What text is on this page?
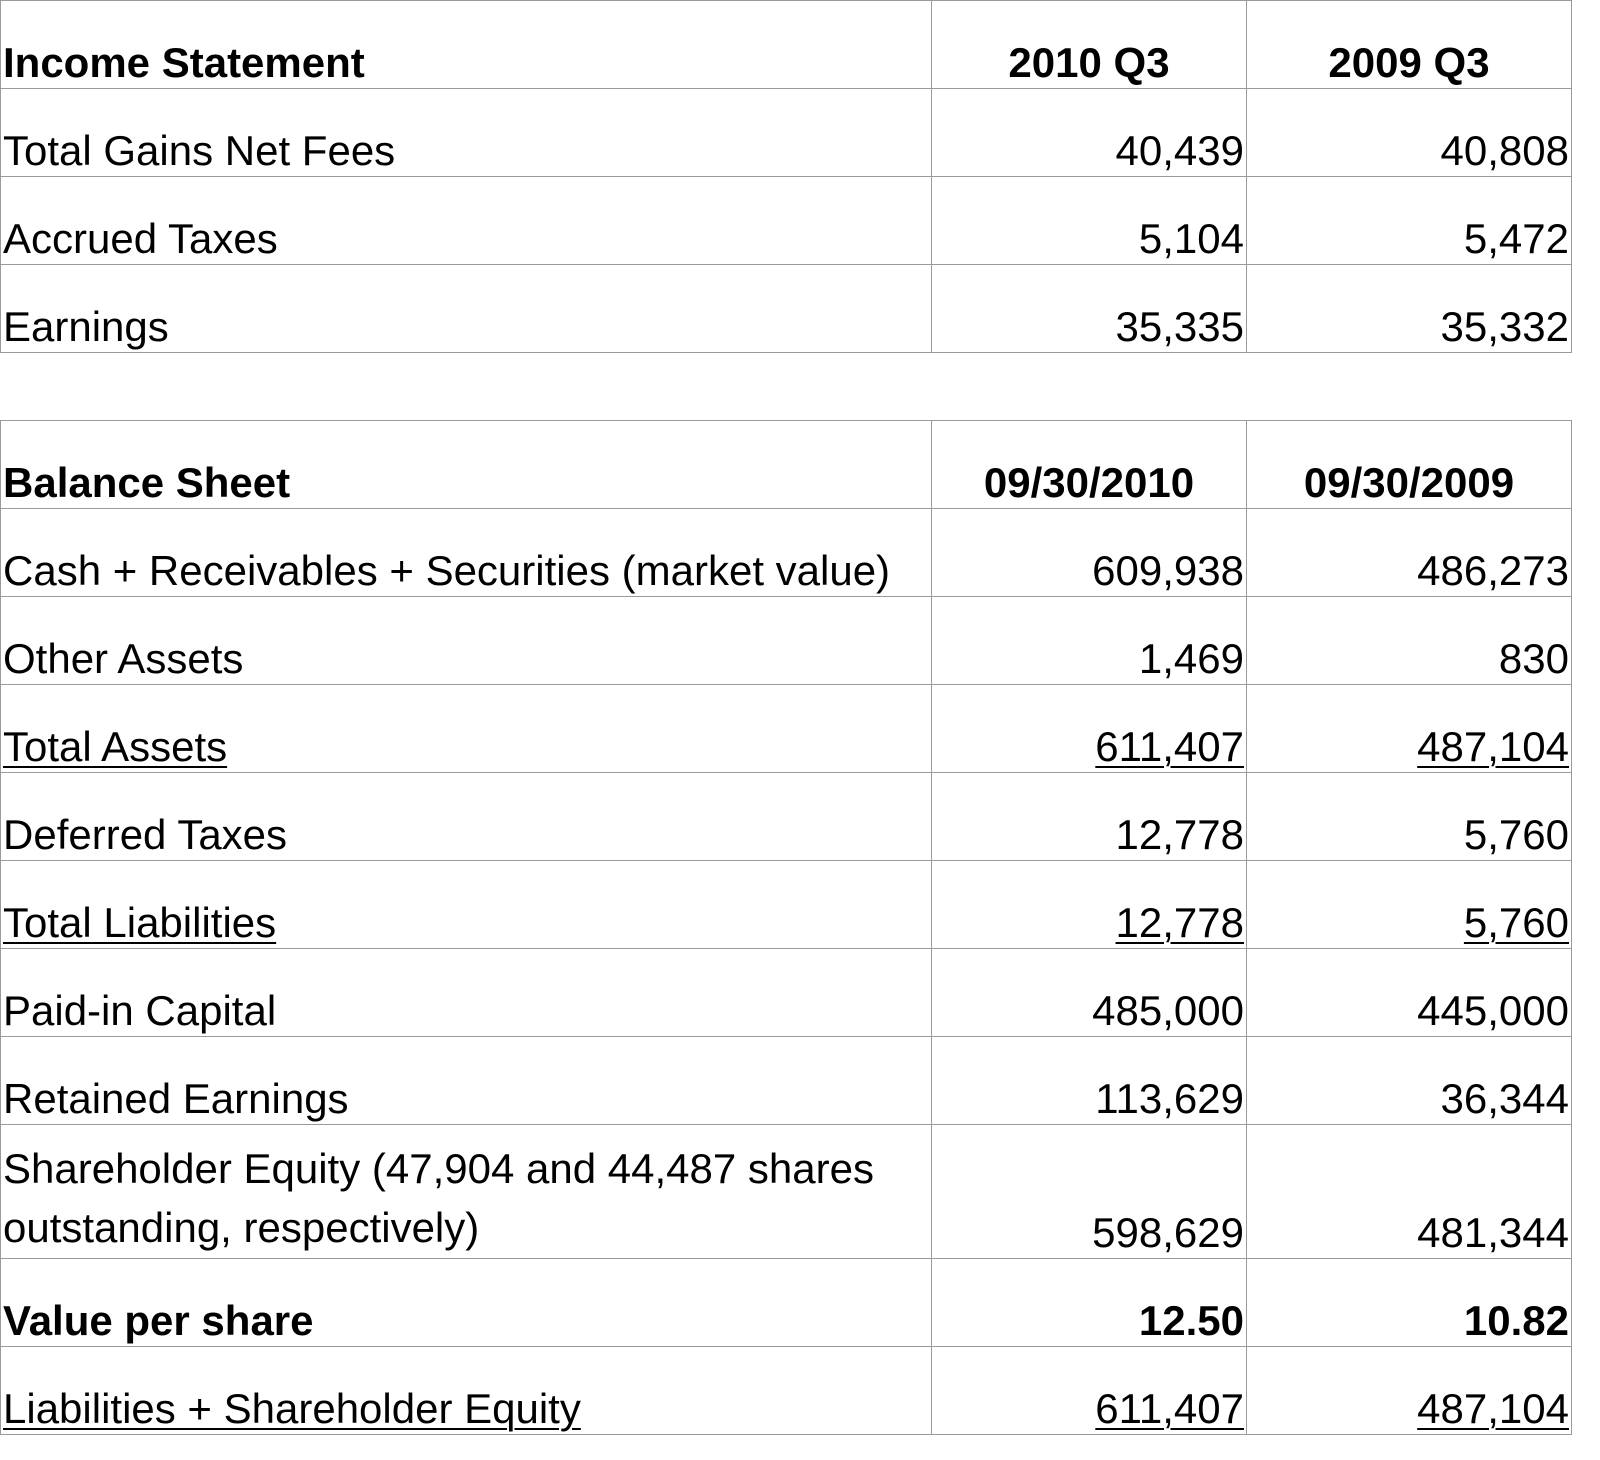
Income Statement	2010 Q3	2009 Q3
Total Gains Net Fees	40,439	40,808
Accrued Taxes	5,104	5,472
Earnings	35,335	35,332
Balance Sheet	09/30/2010	09/30/2009
Cash + Receivables + Securities (market value)	609,938	486,273
Other Assets	1,469	830
Total Assets	611,407	487,104
Deferred Taxes	12,778	5,760
Total Liabilities	12,778	5,760
Paid-in Capital	485,000	445,000
Retained Earnings	113,629	36,344
Shareholder Equity (47,904 and 44,487 shares outstanding, respectively)	598,629	481,344
Value per share	12.50	10.82
Liabilities + Shareholder Equity	611,407	487,104
